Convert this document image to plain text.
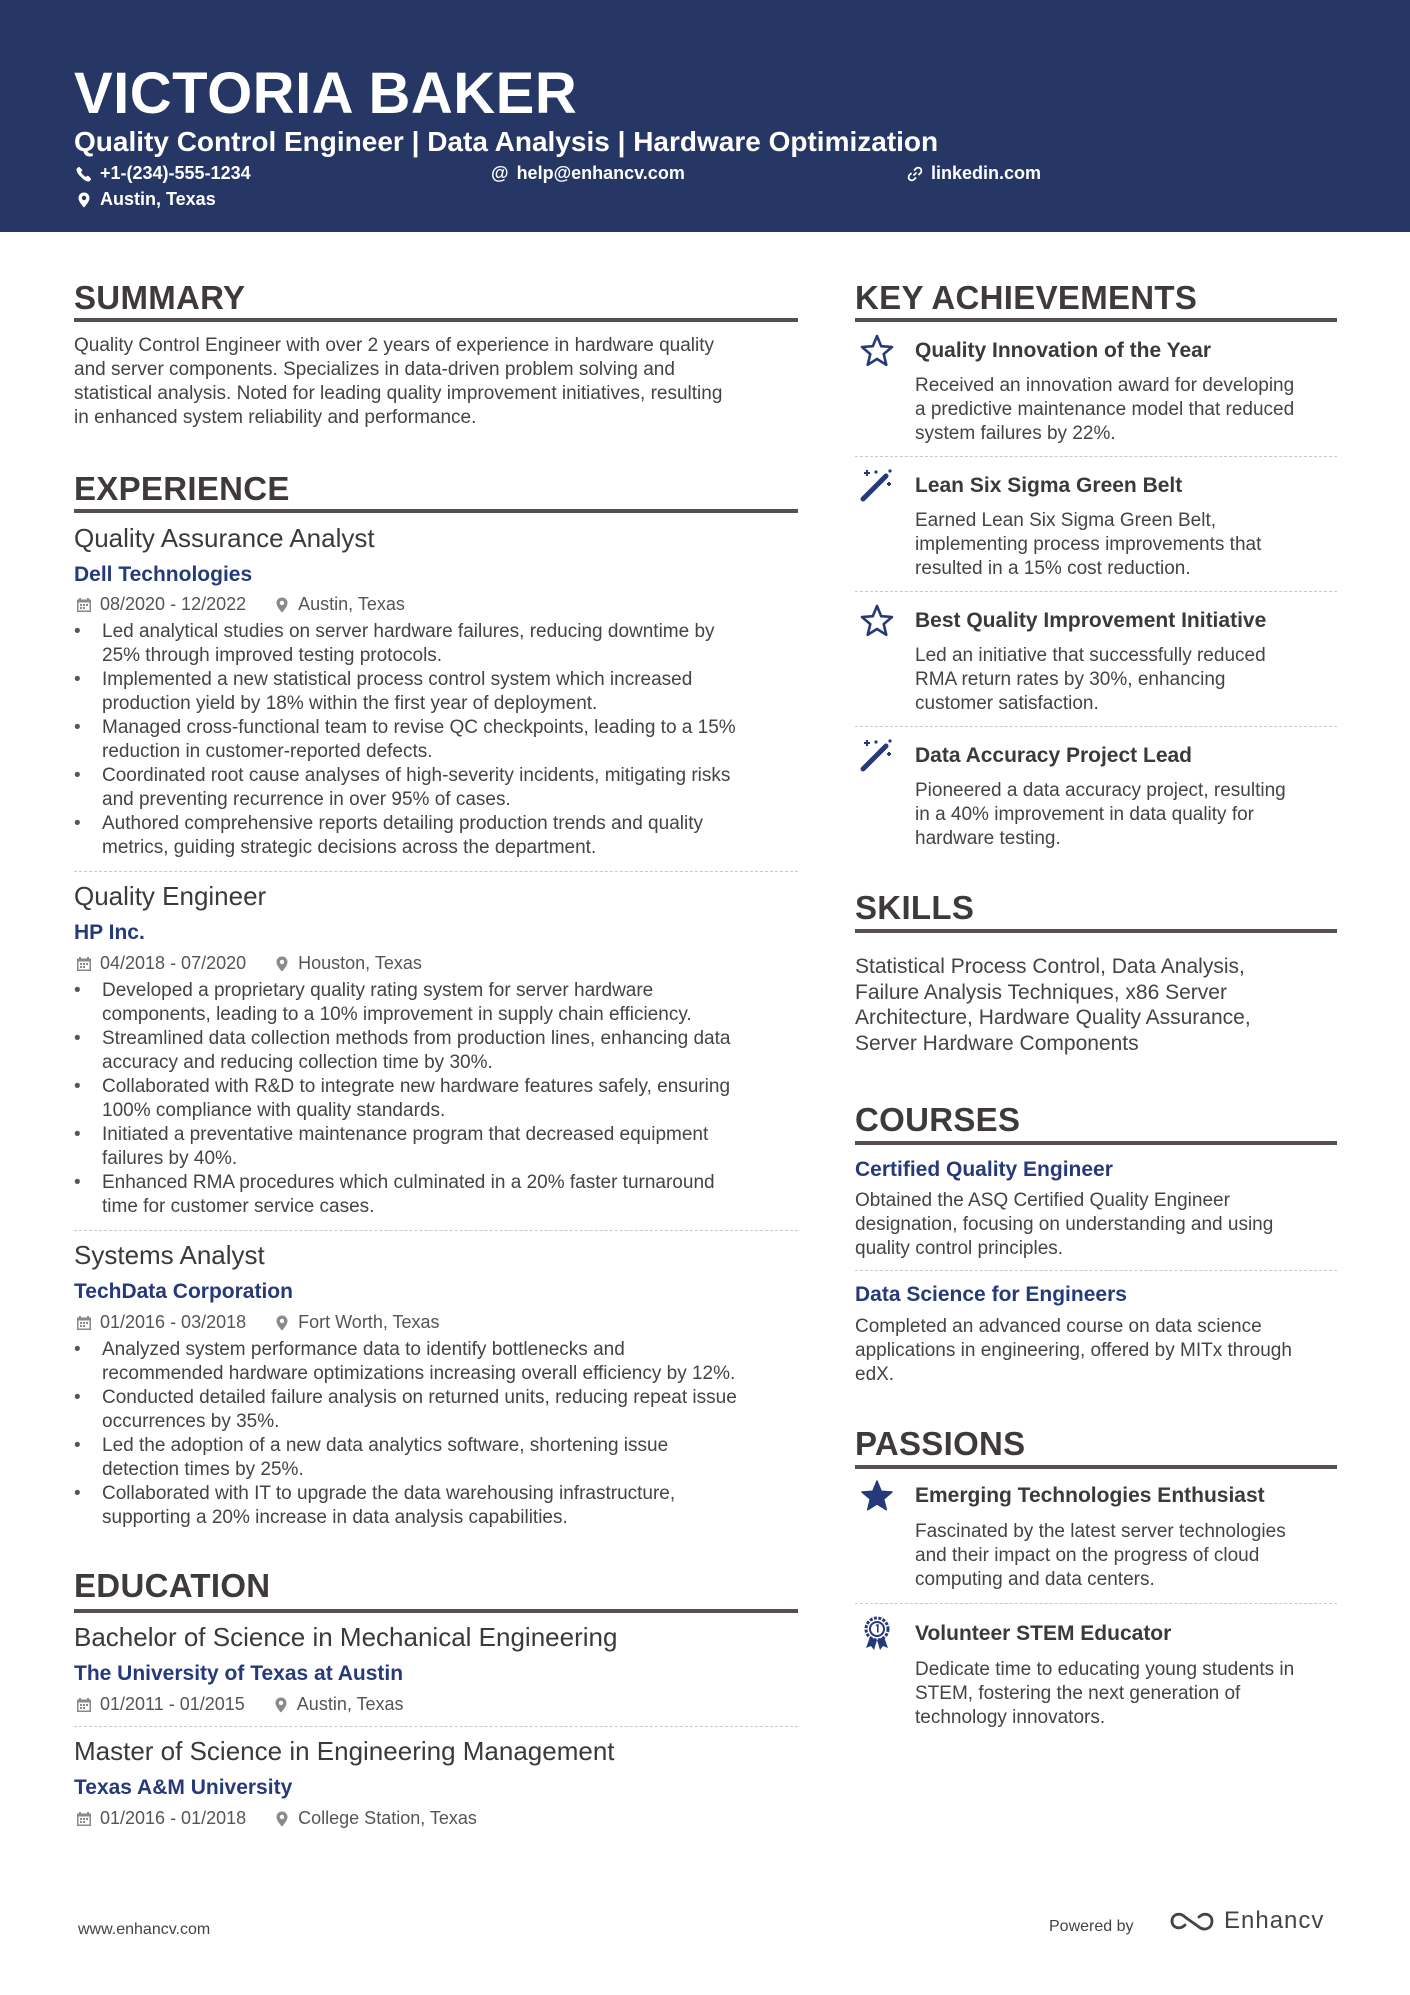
VICTORIA BAKER
Quality Control Engineer | Data Analysis | Hardware Optimization
+1-(234)-555-1234	@ help@enhancv.com	linkedin.com
Austin, Texas
SUMMARY
Quality Control Engineer with over 2 years of experience in hardware quality
and server components. Specializes in data-driven problem solving and
statistical analysis. Noted for leading quality improvement initiatives, resulting
in enhanced system reliability and performance.
EXPERIENCE
Quality Assurance Analyst
Dell Technologies
08/2020 - 12/2022	Austin, Texas
• Led analytical studies on server hardware failures, reducing downtime by
25% through improved testing protocols.
• Implemented a new statistical process control system which increased
production yield by 18% within the first year of deployment.
• Managed cross-functional team to revise QC checkpoints, leading to a 15%
reduction in customer-reported defects.
• Coordinated root cause analyses of high-severity incidents, mitigating risks
and preventing recurrence in over 95% of cases.
• Authored comprehensive reports detailing production trends and quality
metrics, guiding strategic decisions across the department.
Quality Engineer
HP Inc.
04/2018 - 07/2020	Houston, Texas
• Developed a proprietary quality rating system for server hardware
components, leading to a 10% improvement in supply chain efficiency.
• Streamlined data collection methods from production lines, enhancing data
accuracy and reducing collection time by 30%.
• Collaborated with R&D to integrate new hardware features safely, ensuring
100% compliance with quality standards.
• Initiated a preventative maintenance program that decreased equipment
failures by 40%.
• Enhanced RMA procedures which culminated in a 20% faster turnaround
time for customer service cases.
Systems Analyst
TechData Corporation
01/2016 - 03/2018	Fort Worth, Texas
• Analyzed system performance data to identify bottlenecks and
recommended hardware optimizations increasing overall efficiency by 12%.
• Conducted detailed failure analysis on returned units, reducing repeat issue
occurrences by 35%.
• Led the adoption of a new data analytics software, shortening issue
detection times by 25%.
• Collaborated with IT to upgrade the data warehousing infrastructure,
supporting a 20% increase in data analysis capabilities.
EDUCATION
Bachelor of Science in Mechanical Engineering
The University of Texas at Austin
01/2011 - 01/2015	Austin, Texas
Master of Science in Engineering Management
Texas A&M University
01/2016 - 01/2018	College Station, Texas
KEY ACHIEVEMENTS
Quality Innovation of the Year
Received an innovation award for developing
a predictive maintenance model that reduced
system failures by 22%.
Lean Six Sigma Green Belt
Earned Lean Six Sigma Green Belt,
implementing process improvements that
resulted in a 15% cost reduction.
Best Quality Improvement Initiative
Led an initiative that successfully reduced
RMA return rates by 30%, enhancing
customer satisfaction.
Data Accuracy Project Lead
Pioneered a data accuracy project, resulting
in a 40% improvement in data quality for
hardware testing.
SKILLS
Statistical Process Control, Data Analysis,
Failure Analysis Techniques, x86 Server
Architecture, Hardware Quality Assurance,
Server Hardware Components
COURSES
Certified Quality Engineer
Obtained the ASQ Certified Quality Engineer
designation, focusing on understanding and using
quality control principles.
Data Science for Engineers
Completed an advanced course on data science
applications in engineering, offered by MITx through
edX.
PASSIONS
Emerging Technologies Enthusiast
Fascinated by the latest server technologies
and their impact on the progress of cloud
computing and data centers.
Volunteer STEM Educator
Dedicate time to educating young students in
STEM, fostering the next generation of
technology innovators.
www.enhancv.com	Powered by	Enhancv
